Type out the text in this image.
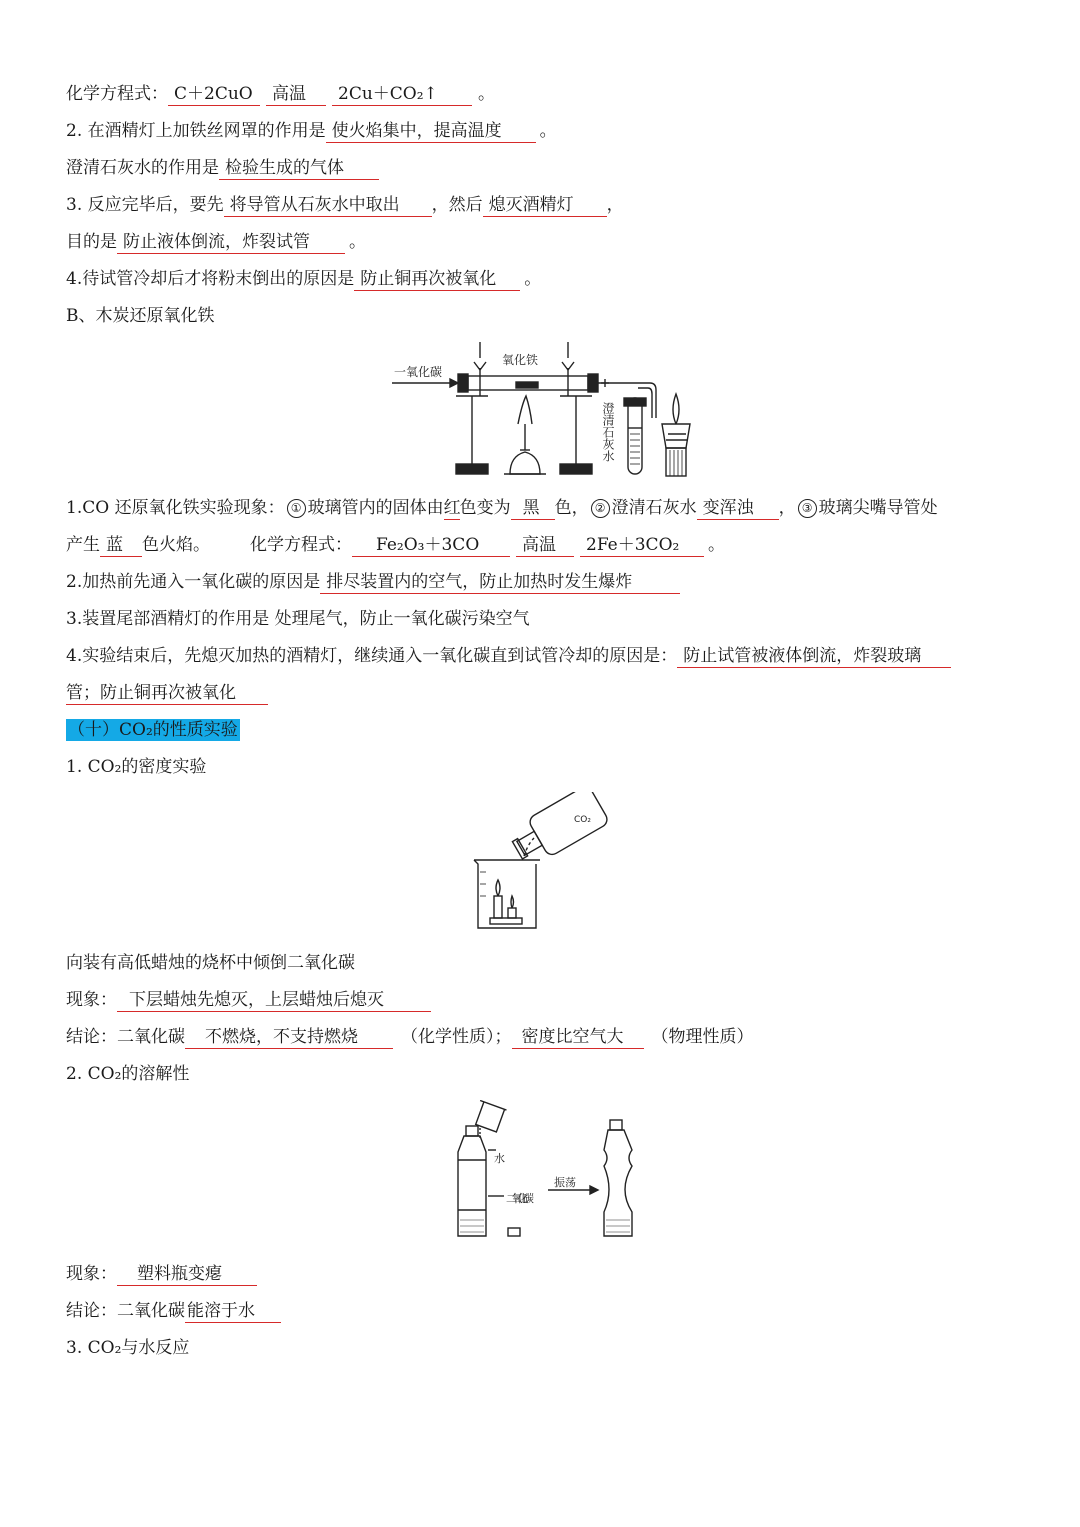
化学方程式： C＋2CuO 高温 2Cu＋CO₂↑ 。
2. 在酒精灯上加铁丝网罩的作用是 使火焰集中，提高温度 。
澄清石灰水的作用是 检验生成的气体
3. 反应完毕后，要先 将导管从石灰水中取出 ，然后 熄灭酒精灯 ，
目的是 防止液体倒流，炸裂试管 。
4.待试管冷却后才将粉末倒出的原因是 防止铜再次被氧化 。
B、木炭还原氧化铁
一氧化碳
氧化铁
澄清石灰水
1.CO 还原氧化铁实验现象： ① 玻璃管内的固体由红色变为 黑 色， ② 澄清石灰水 变浑浊 ， ③ 玻璃尖嘴导管处
产生 蓝 色火焰。 化学方程式： Fe₂O₃＋3CO	高温 2Fe＋3CO₂ 。
2.加热前先通入一氧化碳的原因是 排尽装置内的空气，防止加热时发生爆炸
3.装置尾部酒精灯的作用是 处理尾气，防止一氧化碳污染空气
4.实验结束后，先熄灭加热的酒精灯，继续通入一氧化碳直到试管冷却的原因是： 防止试管被液体倒流，炸裂玻璃
管；防止铜再次被氧化
（十）CO₂的性质实验
1. CO₂的密度实验
CO₂
向装有高低蜡烛的烧杯中倾倒二氧化碳
现象： 下层蜡烛先熄灭，上层蜡烛后熄灭
结论：二氧化碳 不燃烧，不支持燃烧	（化学性质）； 密度比空气大 （物理性质）
2. CO₂的溶解性
水
二氧化碳
振荡
现象： 塑料瓶变瘪
结论：二氧化碳 能溶于水
3. CO₂与水反应
